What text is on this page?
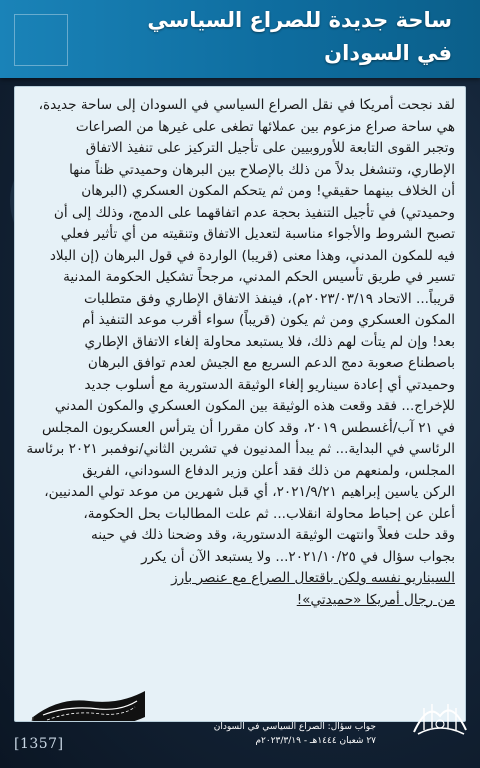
ساحة جديدة للصراع السياسي
في السودان
لقد نجحت أمريكا في نقل الصراع السياسي في السودان إلى ساحة جديدة،
هي ساحة صراع مزعوم بين عملائها تطغى على غيرها من الصراعات
وتجبر القوى التابعة للأوروبيين على تأجيل التركيز على تنفيذ الاتفاق
الإطاري، وتنشغل بدلاً من ذلك بالإصلاح بين البرهان وحميدتي ظناً منها
أن الخلاف بينهما حقيقي! ومن ثم يتحكم المكون العسكري (البرهان
وحميدتي) في تأجيل التنفيذ بحجة عدم اتفاقهما على الدمج، وذلك إلى أن
تصبح الشروط والأجواء مناسبة لتعديل الاتفاق وتنقيته من أي تأثير فعلي
فيه للمكون المدني، وهذا معنى (قريبا) الواردة في قول البرهان (إن البلاد
تسير في طريق تأسيس الحكم المدني، مرجحاً تشكيل الحكومة المدنية
قريباً... الاتحاد ٢٠٢٣/٠٣/١٩م)، فينفذ الاتفاق الإطاري وفق متطلبات
المكون العسكري ومن ثم يكون (قريباً) سواء أقرب موعد التنفيذ أم
بعد! وإن لم يتأت لهم ذلك، فلا يستبعد محاولة إلغاء الاتفاق الإطاري
باصطناع صعوبة دمج الدعم السريع مع الجيش لعدم توافق البرهان
وحميدتي أي إعادة سيناريو إلغاء الوثيقة الدستورية مع أسلوب جديد
للإخراج... فقد وقعت هذه الوثيقة بين المكون العسكري والمكون المدني
في ٢١ آب/أغسطس ٢٠١٩، وقد كان مقررا أن يترأس العسكريون المجلس
الرئاسي في البداية... ثم يبدأ المدنيون في تشرين الثاني/نوفمبر ٢٠٢١ برئاسة
المجلس، ولمنعهم من ذلك فقد أعلن وزير الدفاع السوداني، الفريق
الركن ياسين إبراهيم ٢٠٢١/٩/٢١، أي قبل شهرين من موعد تولي المدنيين،
أعلن عن إحباط محاولة انقلاب... ثم علت المطالبات بحل الحكومة،
وقد حلت فعلاً وانتهت الوثيقة الدستورية، وقد وضحنا ذلك في حينه
بجواب سؤال في ٢٠٢١/١٠/٢٥... ولا يستبعد الآن أن يكرر
السيناريو نفسه ولكن باقتعال الصراع مع عنصر بارز
من رجال أمريكا «حميدتي»!
جواب سؤال: الصراع السياسي في السودان
٢٧ شعبان ١٤٤٤هـ - ٢٠٢٣/٣/١٩م
[1357]
